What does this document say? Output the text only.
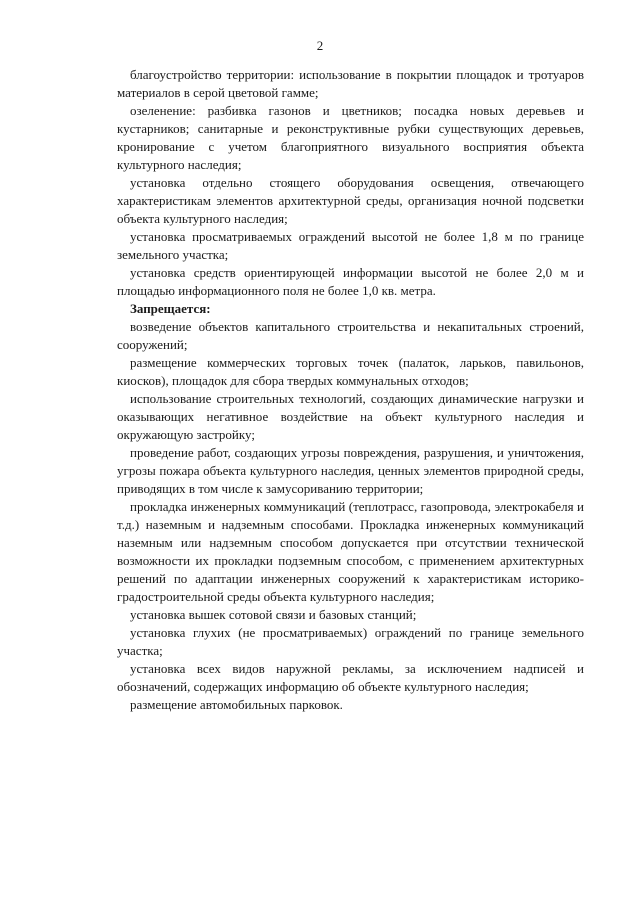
2

благоустройство территории: использование в покрытии площадок и тротуаров материалов в серой цветовой гамме;

озеленение: разбивка газонов и цветников; посадка новых деревьев и кустарников; санитарные и реконструктивные рубки существующих деревьев, кронирование с учетом благоприятного визуального восприятия объекта культурного наследия;

установка отдельно стоящего оборудования освещения, отвечающего характеристикам элементов архитектурной среды, организация ночной подсветки объекта культурного наследия;

установка просматриваемых ограждений высотой не более 1,8 м по границе земельного участка;

установка средств ориентирующей информации высотой не более 2,0 м и площадью информационного поля не более 1,0 кв. метра.

Запрещается:

возведение объектов капитального строительства и некапитальных строений, сооружений;

размещение коммерческих торговых точек (палаток, ларьков, павильонов, киосков), площадок для сбора твердых коммунальных отходов;

использование строительных технологий, создающих динамические нагрузки и оказывающих негативное воздействие на объект культурного наследия и окружающую застройку;

проведение работ, создающих угрозы повреждения, разрушения, и уничтожения, угрозы пожара объекта культурного наследия, ценных элементов природной среды, приводящих в том числе к замусориванию территории;

прокладка инженерных коммуникаций (теплотрасс, газопровода, электрокабеля и т.д.) наземным и надземным способами. Прокладка инженерных коммуникаций наземным или надземным способом допускается при отсутствии технической возможности их прокладки подземным способом, с применением архитектурных решений по адаптации инженерных сооружений к характеристикам историко-градостроительной среды объекта культурного наследия;

установка вышек сотовой связи и базовых станций;

установка глухих (не просматриваемых) ограждений по границе земельного участка;

установка всех видов наружной рекламы, за исключением надписей и обозначений, содержащих информацию об объекте культурного наследия;

размещение автомобильных парковок.
